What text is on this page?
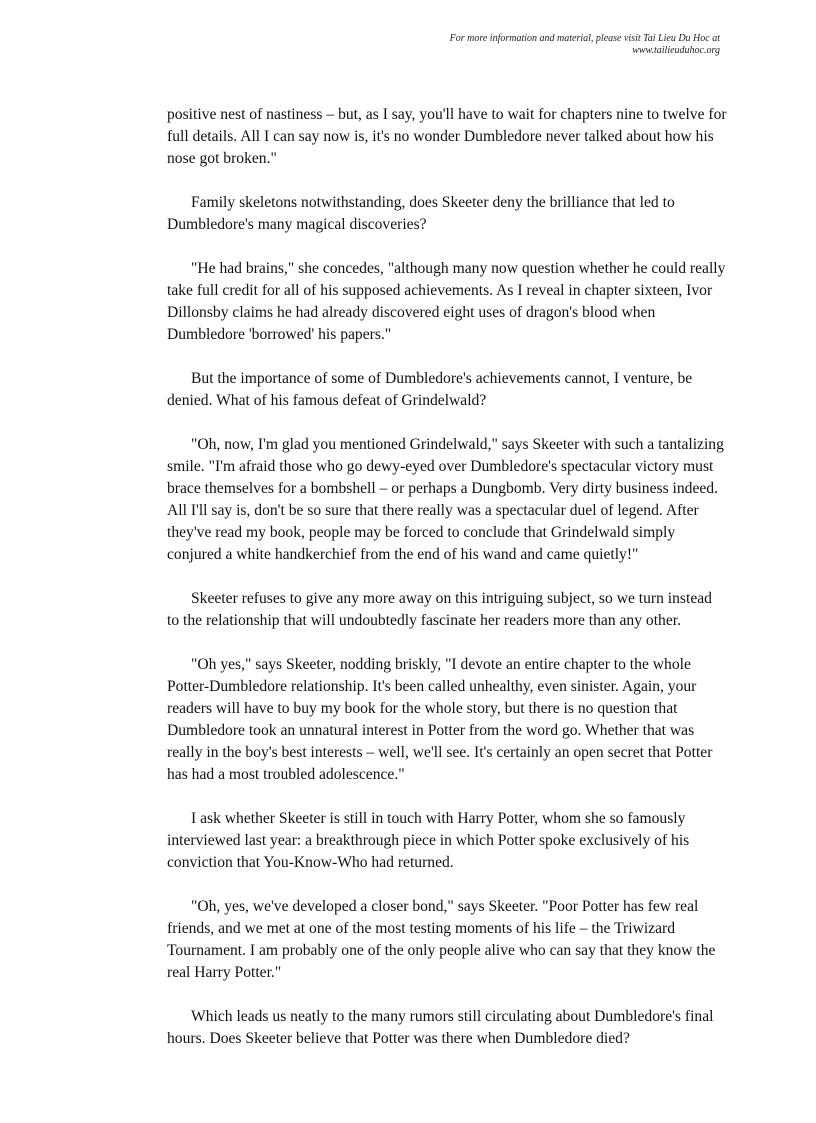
For more information and material, please visit Tai Lieu Du Hoc at
www.tailieuduhoc.org

positive nest of nastiness – but, as I say, you'll have to wait for chapters nine to twelve for full details. All I can say now is, it's no wonder Dumbledore never talked about how his nose got broken."

Family skeletons notwithstanding, does Skeeter deny the brilliance that led to Dumbledore's many magical discoveries?

"He had brains," she concedes, "although many now question whether he could really take full credit for all of his supposed achievements. As I reveal in chapter sixteen, Ivor Dillonsby claims he had already discovered eight uses of dragon's blood when Dumbledore 'borrowed' his papers."

But the importance of some of Dumbledore's achievements cannot, I venture, be denied. What of his famous defeat of Grindelwald?

"Oh, now, I'm glad you mentioned Grindelwald," says Skeeter with such a tantalizing smile. "I'm afraid those who go dewy-eyed over Dumbledore's spectacular victory must brace themselves for a bombshell – or perhaps a Dungbomb. Very dirty business indeed. All I'll say is, don't be so sure that there really was a spectacular duel of legend. After they've read my book, people may be forced to conclude that Grindelwald simply conjured a white handkerchief from the end of his wand and came quietly!"

Skeeter refuses to give any more away on this intriguing subject, so we turn instead to the relationship that will undoubtedly fascinate her readers more than any other.

"Oh yes," says Skeeter, nodding briskly, "I devote an entire chapter to the whole Potter-Dumbledore relationship. It's been called unhealthy, even sinister. Again, your readers will have to buy my book for the whole story, but there is no question that Dumbledore took an unnatural interest in Potter from the word go. Whether that was really in the boy's best interests – well, we'll see. It's certainly an open secret that Potter has had a most troubled adolescence."

I ask whether Skeeter is still in touch with Harry Potter, whom she so famously interviewed last year: a breakthrough piece in which Potter spoke exclusively of his conviction that You-Know-Who had returned.

"Oh, yes, we've developed a closer bond," says Skeeter. "Poor Potter has few real friends, and we met at one of the most testing moments of his life – the Triwizard Tournament. I am probably one of the only people alive who can say that they know the real Harry Potter."

Which leads us neatly to the many rumors still circulating about Dumbledore's final hours. Does Skeeter believe that Potter was there when Dumbledore died?
